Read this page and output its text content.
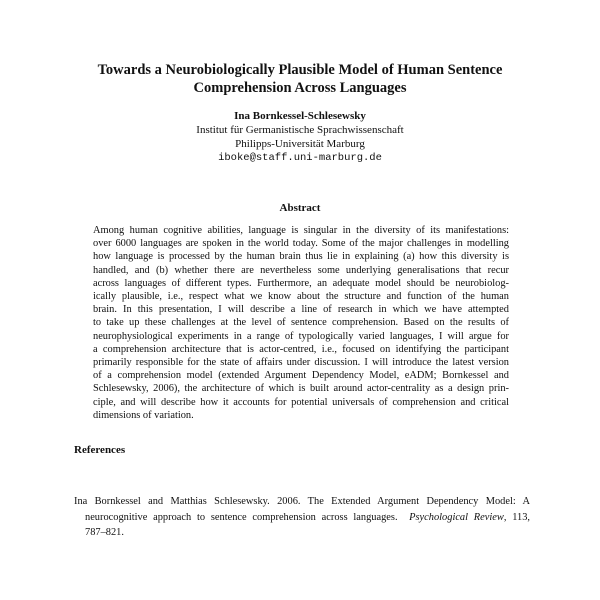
Towards a Neurobiologically Plausible Model of Human Sentence
Comprehension Across Languages
Ina Bornkessel-Schlesewsky
Institut für Germanistische Sprachwissenschaft
Philipps-Universität Marburg
iboke@staff.uni-marburg.de
Abstract
Among human cognitive abilities, language is singular in the diversity of its manifestations:
over 6000 languages are spoken in the world today. Some of the major challenges in modelling
how language is processed by the human brain thus lie in explaining (a) how this diversity is
handled, and (b) whether there are nevertheless some underlying generalisations that recur
across languages of different types. Furthermore, an adequate model should be neurobiolog-
ically plausible, i.e., respect what we know about the structure and function of the human
brain. In this presentation, I will describe a line of research in which we have attempted
to take up these challenges at the level of sentence comprehension. Based on the results of
neurophysiological experiments in a range of typologically varied languages, I will argue for
a comprehension architecture that is actor-centred, i.e., focused on identifying the participant
primarily responsible for the state of affairs under discussion. I will introduce the latest version
of a comprehension model (extended Argument Dependency Model, eADM; Bornkessel and
Schlesewsky, 2006), the architecture of which is built around actor-centrality as a design prin-
ciple, and will describe how it accounts for potential universals of comprehension and critical
dimensions of variation.
References
Ina Bornkessel and Matthias Schlesewsky. 2006. The Extended Argument Dependency Model: A
neurocognitive approach to sentence comprehension across languages. Psychological Review, 113,
787–821.
